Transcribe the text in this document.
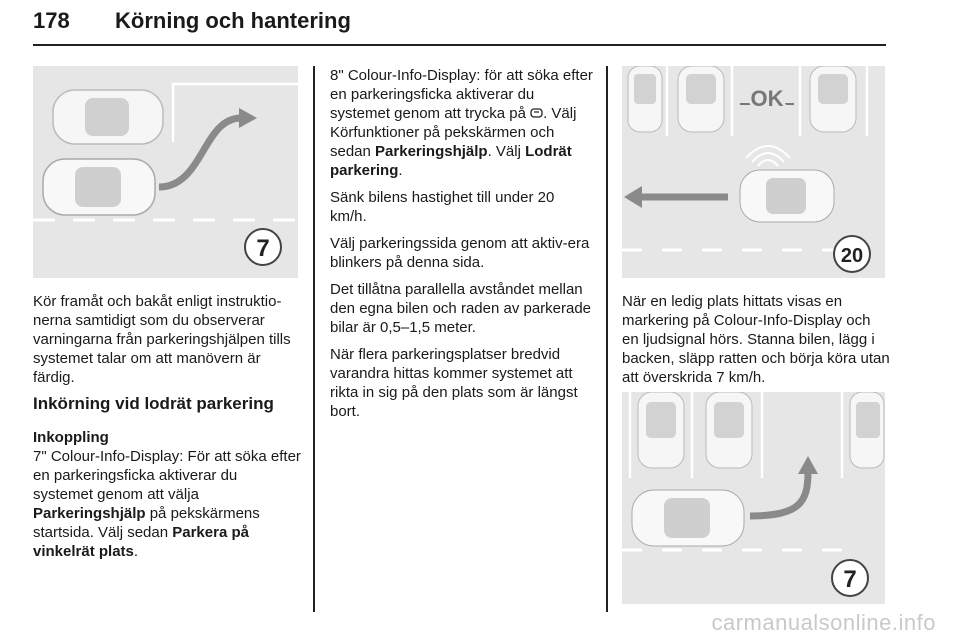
178 Körning och hantering
7

Kör framåt och bakåt enligt instruktio-nerna samtidigt som du observerar varningarna från parkeringshjälpen tills systemet talar om att manövern är färdig.

Inkörning vid lodrät parkering
Inkoppling

7" Colour-Info-Display: För att söka efter en parkeringsficka aktiverar du systemet genom att välja
Parkeringshjälp på pekskärmens startsida. Välj sedan Parkera på vinkelrät plats.

8" Colour-Info-Display: för att söka efter en parkeringsficka aktiverar du systemet genom att trycka på . Välj Körfunktioner på pekskärmen och sedan Parkeringshjälp. Välj Lodrät parkering.

Sänk bilens hastighet till under 20 km/h.

Välj parkeringssida genom att aktiv-era blinkers på denna sida.

Det tillåtna parallella avståndet mellan den egna bilen och raden av parkerade bilar är 0,5–1,5 meter.

När flera parkeringsplatser bredvid varandra hittas kommer systemet att rikta in sig på den plats som är längst bort.

OK
20

När en ledig plats hittats visas en markering på Colour-Info-Display och en ljudsignal hörs. Stanna bilen, lägg i backen, släpp ratten och börja köra utan att överskrida 7 km/h.

7
carmanualsonline.info
